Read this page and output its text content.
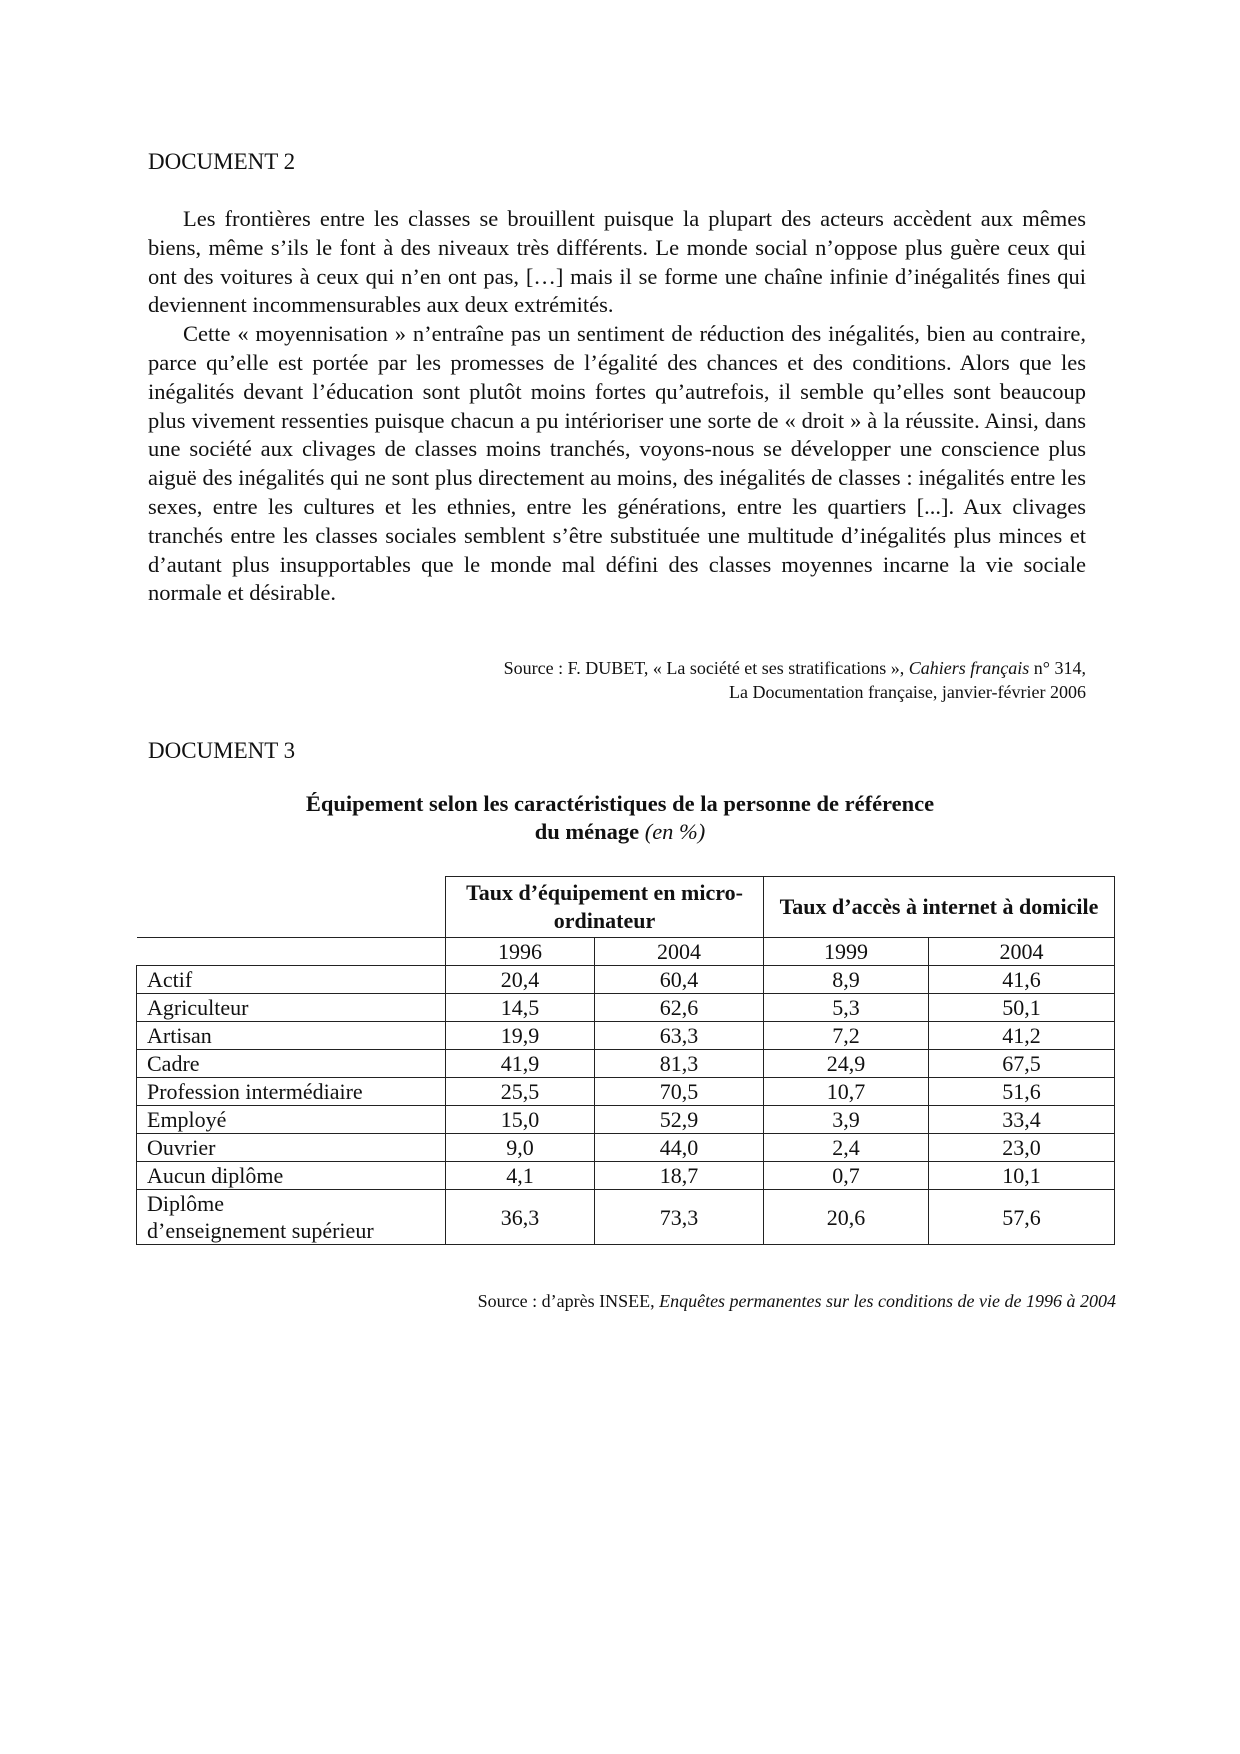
DOCUMENT 2

Les frontières entre les classes se brouillent puisque la plupart des acteurs accèdent aux mêmes biens, même s’ils le font à des niveaux très différents. Le monde social n’oppose plus guère ceux qui ont des voitures à ceux qui n’en ont pas, […] mais il se forme une chaîne infinie d’inégalités fines qui deviennent incommensurables aux deux extrémités.

Cette « moyennisation » n’entraîne pas un sentiment de réduction des inégalités, bien au contraire, parce qu’elle est portée par les promesses de l’égalité des chances et des conditions. Alors que les inégalités devant l’éducation sont plutôt moins fortes qu’autrefois, il semble qu’elles sont beaucoup plus vivement ressenties puisque chacun a pu intérioriser une sorte de « droit » à la réussite. Ainsi, dans une société aux clivages de classes moins tranchés, voyons-nous se développer une conscience plus aiguë des inégalités qui ne sont plus directement au moins, des inégalités de classes : inégalités entre les sexes, entre les cultures et les ethnies, entre les générations, entre les quartiers [...]. Aux clivages tranchés entre les classes sociales semblent s’être substituée une multitude d’inégalités plus minces et d’autant plus insupportables que le monde mal défini des classes moyennes incarne la vie sociale normale et désirable.

Source : F. DUBET, « La société et ses stratifications », Cahiers français n° 314,
La Documentation française, janvier-février 2006
DOCUMENT 3
Équipement selon les caractéristiques de la personne de référence
du ménage (en %)
	Taux d’équipement en micro-ordinateur		Taux d’accès à internet à domicile	
	1996	2004	1999	2004
Actif	20,4	60,4	8,9	41,6
Agriculteur	14,5	62,6	5,3	50,1
Artisan	19,9	63,3	7,2	41,2
Cadre	41,9	81,3	24,9	67,5
Profession intermédiaire	25,5	70,5	10,7	51,6
Employé	15,0	52,9	3,9	33,4
Ouvrier	9,0	44,0	2,4	23,0
Aucun diplôme	4,1	18,7	0,7	10,1

Diplôme
d’enseignement supérieur	36,3	73,3	20,6	57,6
Source : d’après INSEE, Enquêtes permanentes sur les conditions de vie de 1996 à 2004
